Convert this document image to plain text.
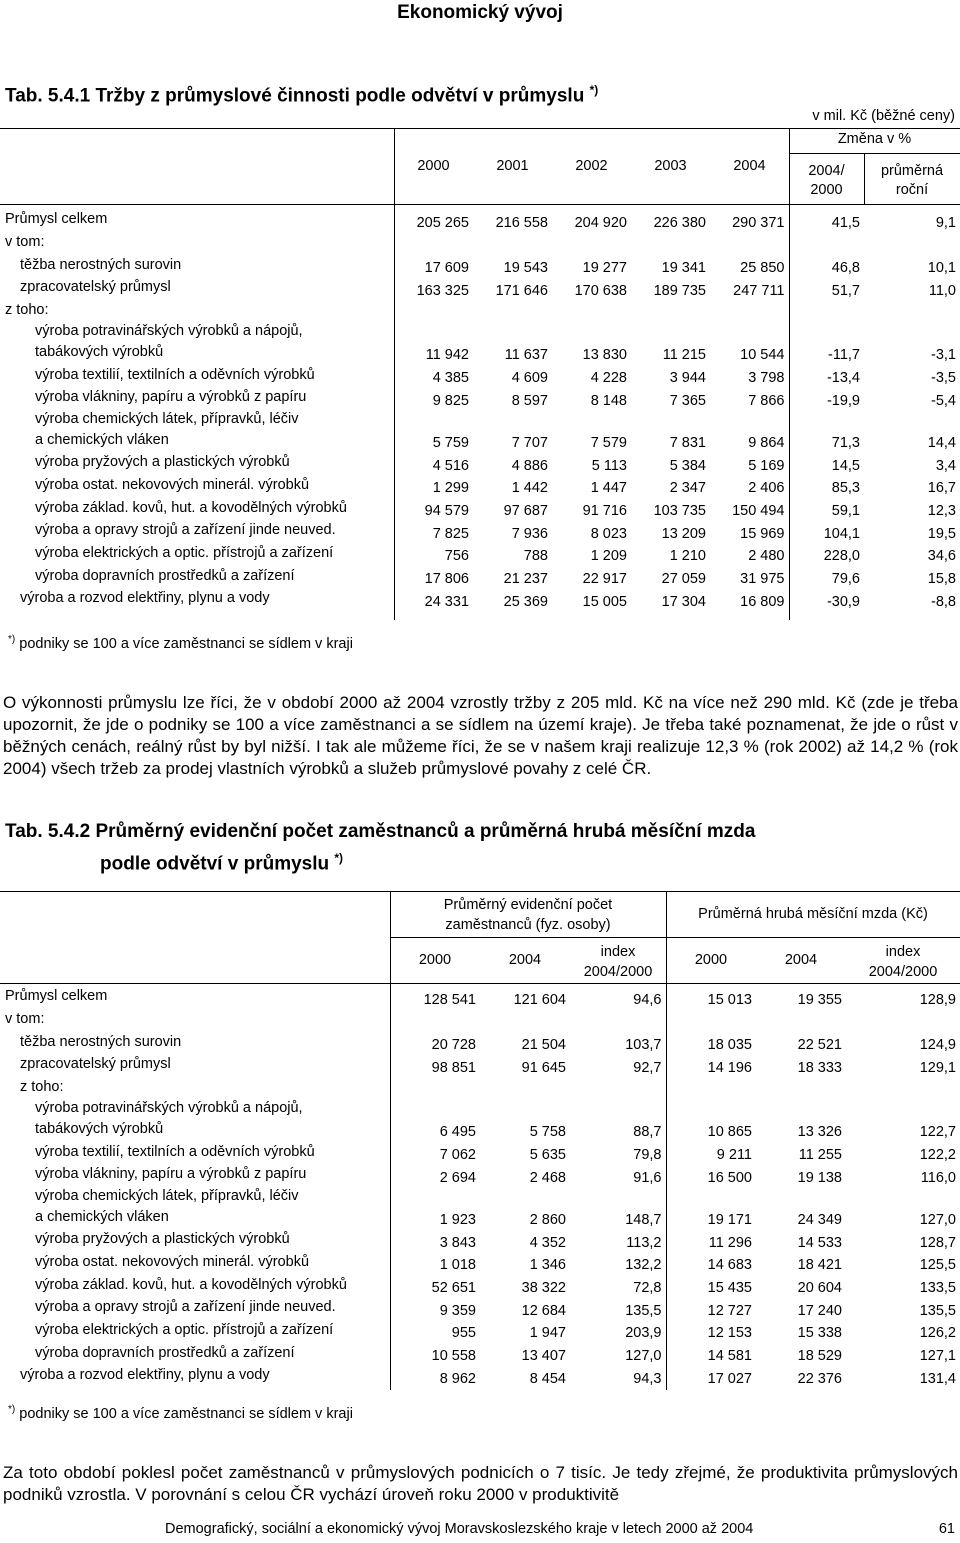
Ekonomický vývoj
Tab. 5.4.1 Tržby z průmyslové činnosti podle odvětví v průmyslu *)
v mil. Kč (běžné ceny)
Změna v %
2004/
2000
průměrná
roční
2000	2001	2002	2003	2004
Průmysl celkem	205 265	216 558	204 920	226 380	290 371	41,5	9,1

v tom:							

těžba nerostných surovin	17 609	19 543	19 277	19 341	25 850	46,8	10,1

zpracovatelský průmysl	163 325	171 646	170 638	189 735	247 711	51,7	11,0

z toho:							

výroba potravinářských výrobků a nápojů,
tabákových výrobků	11 942	11 637	13 830	11 215	10 544	-11,7	-3,1

výroba textilií, textilních a oděvních výrobků	4 385	4 609	4 228	3 944	3 798	-13,4	-3,5

výroba vlákniny, papíru a výrobků z papíru	9 825	8 597	8 148	7 365	7 866	-19,9	-5,4

výroba chemických látek, přípravků, léčiv
a chemických vláken	5 759	7 707	7 579	7 831	9 864	71,3	14,4

výroba pryžových a plastických výrobků	4 516	4 886	5 113	5 384	5 169	14,5	3,4

výroba ostat. nekovových minerál. výrobků	1 299	1 442	1 447	2 347	2 406	85,3	16,7

výroba základ. kovů, hut. a kovodělných výrobků	94 579	97 687	91 716	103 735	150 494	59,1	12,3

výroba a opravy strojů a zařízení jinde neuved.	7 825	7 936	8 023	13 209	15 969	104,1	19,5

výroba elektrických a optic. přístrojů a zařízení	756	788	1 209	1 210	2 480	228,0	34,6

výroba dopravních prostředků a zařízení	17 806	21 237	22 917	27 059	31 975	79,6	15,8

výroba a rozvod elektřiny, plynu a vody	24 331	25 369	15 005	17 304	16 809	-30,9	-8,8
*) podniky se 100 a více zaměstnanci se sídlem v kraji
O výkonnosti průmyslu lze říci, že v období 2000 až 2004 vzrostly tržby z 205 mld. Kč na více než 290 mld. Kč (zde je třeba upozornit, že jde o podniky se 100 a více zaměstnanci a se sídlem na území kraje). Je třeba také poznamenat, že jde o růst v běžných cenách, reálný růst by byl nižší. I tak ale můžeme říci, že se v našem kraji realizuje 12,3 % (rok 2002) až 14,2 % (rok 2004) všech tržeb za prodej vlastních výrobků a služeb průmyslové povahy z celé ČR.
Tab. 5.4.2 Průměrný evidenční počet zaměstnanců a průměrná hrubá měsíční mzda
podle odvětví v průmyslu *)
Průměrný evidenční počet
zaměstnanců (fyz. osoby)
Průměrná hrubá měsíční mzda (Kč)
2000	2004	2000	2004
index
2004/2000
index
2004/2000
Průmysl celkem	128 541	121 604	94,6	15 013	19 355	128,9

v tom:						

těžba nerostných surovin	20 728	21 504	103,7	18 035	22 521	124,9

zpracovatelský průmysl	98 851	91 645	92,7	14 196	18 333	129,1

z toho:						

výroba potravinářských výrobků a nápojů,
tabákových výrobků	6 495	5 758	88,7	10 865	13 326	122,7

výroba textilií, textilních a oděvních výrobků	7 062	5 635	79,8	9 211	11 255	122,2

výroba vlákniny, papíru a výrobků z papíru	2 694	2 468	91,6	16 500	19 138	116,0

výroba chemických látek, přípravků, léčiv
a chemických vláken	1 923	2 860	148,7	19 171	24 349	127,0

výroba pryžových a plastických výrobků	3 843	4 352	113,2	11 296	14 533	128,7

výroba ostat. nekovových minerál. výrobků	1 018	1 346	132,2	14 683	18 421	125,5

výroba základ. kovů, hut. a kovodělných výrobků	52 651	38 322	72,8	15 435	20 604	133,5

výroba a opravy strojů a zařízení jinde neuved.	9 359	12 684	135,5	12 727	17 240	135,5

výroba elektrických a optic. přístrojů a zařízení	955	1 947	203,9	12 153	15 338	126,2

výroba dopravních prostředků a zařízení	10 558	13 407	127,0	14 581	18 529	127,1

výroba a rozvod elektřiny, plynu a vody	8 962	8 454	94,3	17 027	22 376	131,4
*) podniky se 100 a více zaměstnanci se sídlem v kraji
Za toto období poklesl počet zaměstnanců v průmyslových podnicích o 7 tisíc. Je tedy zřejmé, že produktivita průmyslových podniků vzrostla. V porovnání s celou ČR vychází úroveň roku 2000 v produktivitě
Demografický, sociální a ekonomický vývoj Moravskoslezského kraje v letech 2000 až 2004	61
